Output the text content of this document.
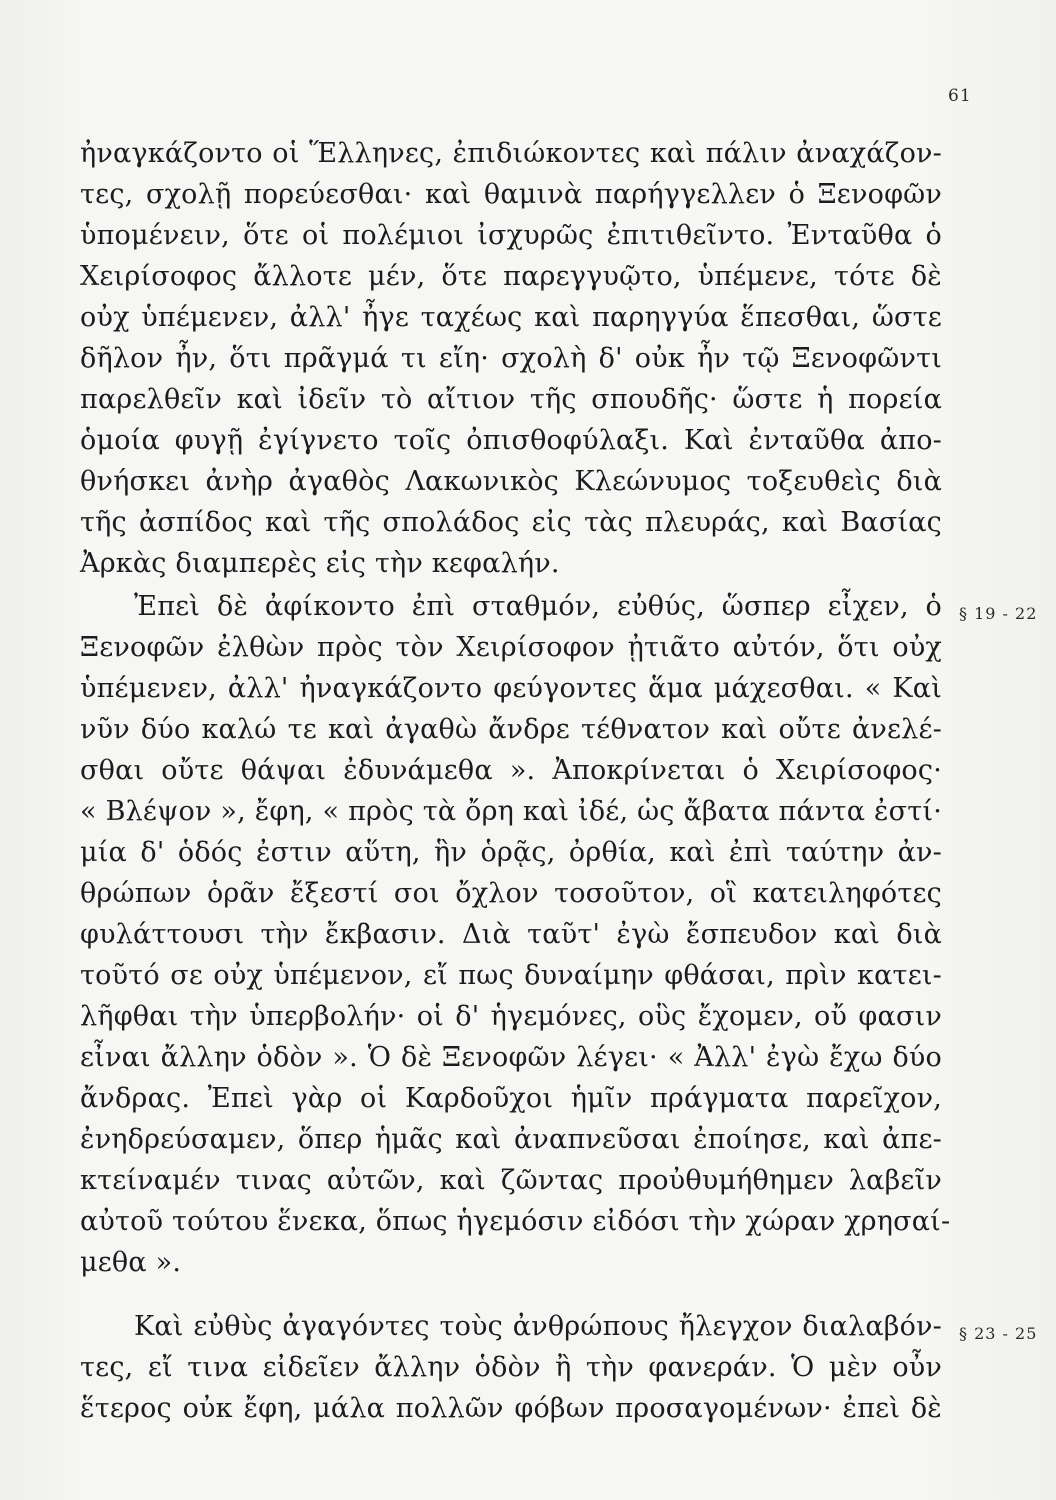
61
ἠναγκάζοντο οἱ Ἕλληνες, ἐπιδιώκοντες καὶ πάλιν ἀναχάζον-
τες, σχολῇ πορεύεσθαι· καὶ θαμινὰ παρήγγελλεν ὁ Ξενοφῶν
ὑπομένειν, ὅτε οἱ πολέμιοι ἰσχυρῶς ἐπιτιθεῖντο. Ἐνταῦθα ὁ
Χειρίσοφος ἄλλοτε μέν, ὅτε παρεγγυῷτο, ὑπέμενε, τότε δὲ
οὐχ ὑπέμενεν, ἀλλ' ἦγε ταχέως καὶ παρηγγύα ἕπεσθαι, ὥστε
δῆλον ἦν, ὅτι πρᾶγμά τι εἴη· σχολὴ δ' οὐκ ἦν τῷ Ξενοφῶντι
παρελθεῖν καὶ ἰδεῖν τὸ αἴτιον τῆς σπουδῆς· ὥστε ἡ πορεία
ὁμοία φυγῇ ἐγίγνετο τοῖς ὀπισθοφύλαξι. Καὶ ἐνταῦθα ἀπο-
θνήσκει ἀνὴρ ἀγαθὸς Λακωνικὸς Κλεώνυμος τοξευθεὶς διὰ
τῆς ἀσπίδος καὶ τῆς σπολάδος εἰς τὰς πλευράς, καὶ Βασίας
Ἀρκὰς διαμπερὲς εἰς τὴν κεφαλήν.
Ἐπεὶ δὲ ἀφίκοντο ἐπὶ σταθμόν, εὐθύς, ὥσπερ εἶχεν, ὁ § 19 - 22
Ξενοφῶν ἐλθὼν πρὸς τὸν Χειρίσοφον ᾐτιᾶτο αὐτόν, ὅτι οὐχ
ὑπέμενεν, ἀλλ' ἠναγκάζοντο φεύγοντες ἅμα μάχεσθαι. « Καὶ
νῦν δύο καλώ τε καὶ ἀγαθὼ ἄνδρε τέθνατον καὶ οὔτε ἀνελέ-
σθαι οὔτε θάψαι ἐδυνάμεθα ». Ἀποκρίνεται ὁ Χειρίσοφος·
« Βλέψον », ἔφη, « πρὸς τὰ ὄρη καὶ ἰδέ, ὡς ἄβατα πάντα ἐστί·
μία δ' ὁδός ἐστιν αὕτη, ἣν ὁρᾷς, ὀρθία, καὶ ἐπὶ ταύτην ἀν-
θρώπων ὁρᾶν ἔξεστί σοι ὄχλον τοσοῦτον, οἳ κατειληφότες
φυλάττουσι τὴν ἔκβασιν. Διὰ ταῦτ' ἐγὼ ἔσπευδον καὶ διὰ
τοῦτό σε οὐχ ὑπέμενον, εἴ πως δυναίμην φθάσαι, πρὶν κατει-
λῆφθαι τὴν ὑπερβολήν· οἱ δ' ἡγεμόνες, οὓς ἔχομεν, οὔ φασιν
εἶναι ἄλλην ὁδὸν ». Ὁ δὲ Ξενοφῶν λέγει· « Ἀλλ' ἐγὼ ἔχω δύο
ἄνδρας. Ἐπεὶ γὰρ οἱ Καρδοῦχοι ἡμῖν πράγματα παρεῖχον,
ἐνηδρεύσαμεν, ὅπερ ἡμᾶς καὶ ἀναπνεῦσαι ἐποίησε, καὶ ἀπε-
κτείναμέν τινας αὐτῶν, καὶ ζῶντας προὐθυμήθημεν λαβεῖν
αὐτοῦ τούτου ἕνεκα, ὅπως ἡγεμόσιν εἰδόσι τὴν χώραν χρησαί-
μεθα ».
Καὶ εὐθὺς ἀγαγόντες τοὺς ἀνθρώπους ἤλεγχον διαλαβόν- § 23 - 25
τες, εἴ τινα εἰδεῖεν ἄλλην ὁδὸν ἢ τὴν φανεράν. Ὁ μὲν οὖν
ἕτερος οὐκ ἔφη, μάλα πολλῶν φόβων προσαγομένων· ἐπεὶ δὲ
